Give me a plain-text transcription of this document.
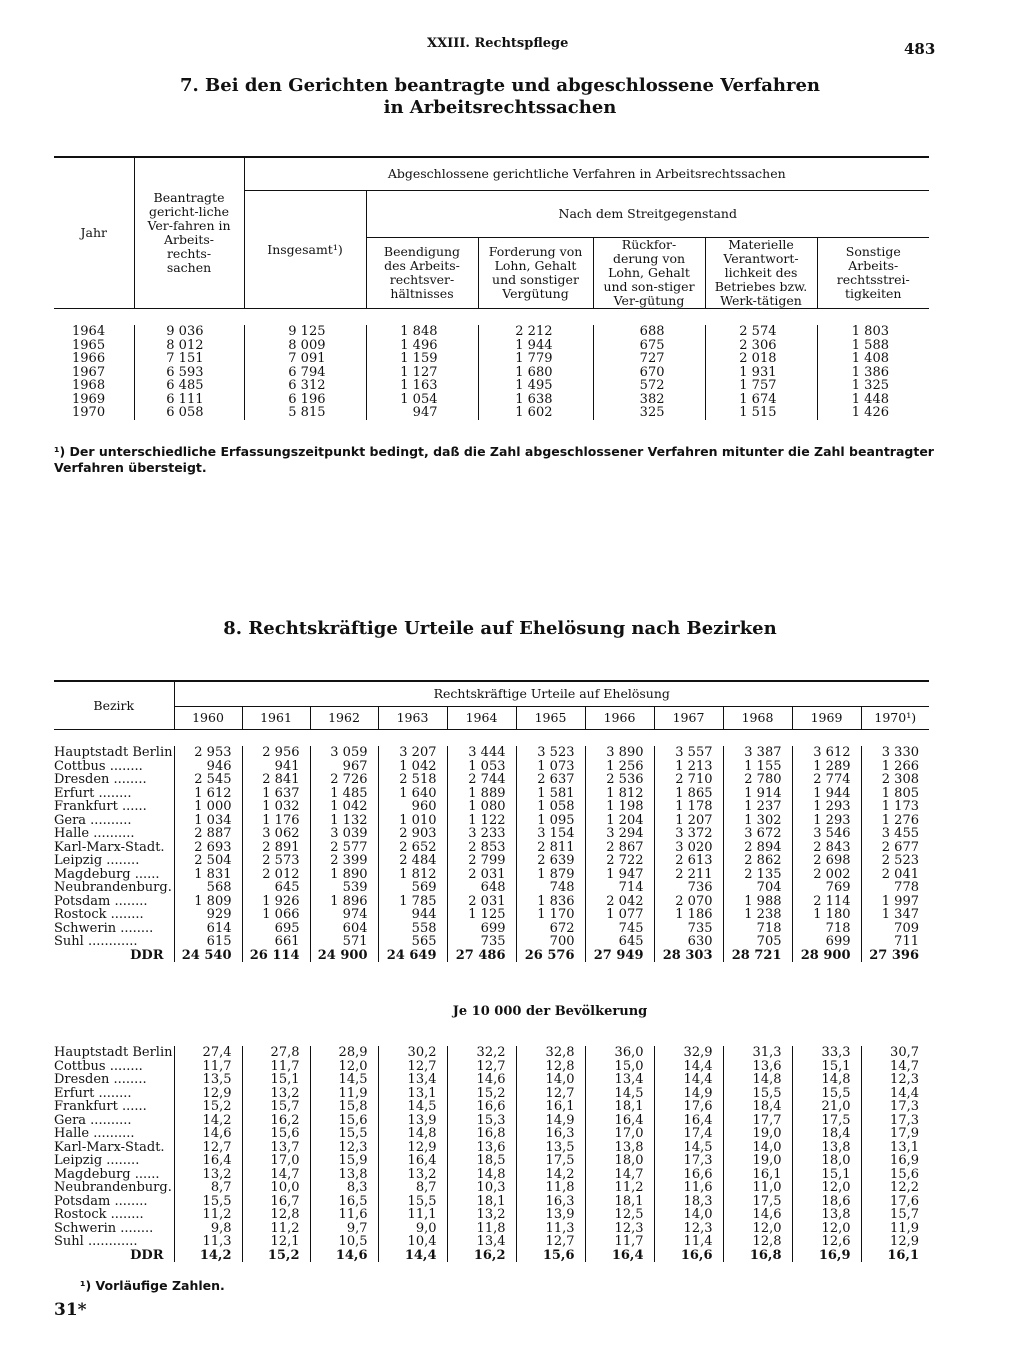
XXIII. Rechtspflege	483
7. Bei den Gerichten beantragte und abgeschlossene Verfahren
in Arbeitsrechtssachen
Jahr	Beantragte gericht-liche Ver-fahren in Arbeits-rechts-sachen	Abgeschlossene gerichtliche Verfahren in Arbeitsrechtssachen					
		Insgesamt¹)	Nach dem Streitgegenstand				
			Beendigung des Arbeits-rechtsver-hältnisses	Forderung von Lohn, Gehalt und sonstiger Vergütung	Rückfor-derung von Lohn, Gehalt und son-stiger Ver-gütung	Materielle Verantwort-lichkeit des Betriebes bzw. Werk-tätigen	Sonstige Arbeits-rechtsstrei-tigkeiten

1964	9 036	9 125	1 848	2 212	688	2 574	1 803
1965	8 012	8 009	1 496	1 944	675	2 306	1 588
1966	7 151	7 091	1 159	1 779	727	2 018	1 408
1967	6 593	6 794	1 127	1 680	670	1 931	1 386
1968	6 485	6 312	1 163	1 495	572	1 757	1 325
1969	6 111	6 196	1 054	1 638	382	1 674	1 448
1970	6 058	5 815	947	1 602	325	1 515	1 426
¹) Der unterschiedliche Erfassungszeitpunkt bedingt, daß die Zahl abgeschlossener Verfahren mitunter die Zahl beantragter Verfahren übersteigt.
8. Rechtskräftige Urteile auf Ehelösung nach Bezirken
Bezirk	Rechtskräftige Urteile auf Ehelösung										
	1960	1961	1962	1963	1964	1965	1966	1967	1968	1969	1970¹)

Hauptstadt Berlin	2 953	2 956	3 059	3 207	3 444	3 523	3 890	3 557	3 387	3 612	3 330
Cottbus ........	946	941	967	1 042	1 053	1 073	1 256	1 213	1 155	1 289	1 266
Dresden ........	2 545	2 841	2 726	2 518	2 744	2 637	2 536	2 710	2 780	2 774	2 308
Erfurt ........	1 612	1 637	1 485	1 640	1 889	1 581	1 812	1 865	1 914	1 944	1 805
Frankfurt ......	1 000	1 032	1 042	960	1 080	1 058	1 198	1 178	1 237	1 293	1 173
Gera ..........	1 034	1 176	1 132	1 010	1 122	1 095	1 204	1 207	1 302	1 293	1 276
Halle ..........	2 887	3 062	3 039	2 903	3 233	3 154	3 294	3 372	3 672	3 546	3 455
Karl-Marx-Stadt.	2 693	2 891	2 577	2 652	2 853	2 811	2 867	3 020	2 894	2 843	2 677
Leipzig ........	2 504	2 573	2 399	2 484	2 799	2 639	2 722	2 613	2 862	2 698	2 523
Magdeburg ......	1 831	2 012	1 890	1 812	2 031	1 879	1 947	2 211	2 135	2 002	2 041
Neubrandenburg.	568	645	539	569	648	748	714	736	704	769	778
Potsdam ........	1 809	1 926	1 896	1 785	2 031	1 836	2 042	2 070	1 988	2 114	1 997
Rostock ........	929	1 066	974	944	1 125	1 170	1 077	1 186	1 238	1 180	1 347
Schwerin ........	614	695	604	558	699	672	745	735	718	718	709
Suhl ............	615	661	571	565	735	700	645	630	705	699	711
DDR	24 540	26 114	24 900	24 649	27 486	26 576	27 949	28 303	28 721	28 900	27 396
Je 10 000 der Bevölkerung
Hauptstadt Berlin	27,4	27,8	28,9	30,2	32,2	32,8	36,0	32,9	31,3	33,3	30,7
Cottbus ........	11,7	11,7	12,0	12,7	12,7	12,8	15,0	14,4	13,6	15,1	14,7
Dresden ........	13,5	15,1	14,5	13,4	14,6	14,0	13,4	14,4	14,8	14,8	12,3
Erfurt ........	12,9	13,2	11,9	13,1	15,2	12,7	14,5	14,9	15,5	15,5	14,4
Frankfurt ......	15,2	15,7	15,8	14,5	16,6	16,1	18,1	17,6	18,4	21,0	17,3
Gera ..........	14,2	16,2	15,6	13,9	15,3	14,9	16,4	16,4	17,7	17,5	17,3
Halle ..........	14,6	15,6	15,5	14,8	16,8	16,3	17,0	17,4	19,0	18,4	17,9
Karl-Marx-Stadt.	12,7	13,7	12,3	12,9	13,6	13,5	13,8	14,5	14,0	13,8	13,1
Leipzig ........	16,4	17,0	15,9	16,4	18,5	17,5	18,0	17,3	19,0	18,0	16,9
Magdeburg ......	13,2	14,7	13,8	13,2	14,8	14,2	14,7	16,6	16,1	15,1	15,6
Neubrandenburg.	8,7	10,0	8,3	8,7	10,3	11,8	11,2	11,6	11,0	12,0	12,2
Potsdam ........	15,5	16,7	16,5	15,5	18,1	16,3	18,1	18,3	17,5	18,6	17,6
Rostock ........	11,2	12,8	11,6	11,1	13,2	13,9	12,5	14,0	14,6	13,8	15,7
Schwerin ........	9,8	11,2	9,7	9,0	11,8	11,3	12,3	12,3	12,0	12,0	11,9
Suhl ............	11,3	12,1	10,5	10,4	13,4	12,7	11,7	11,4	12,8	12,6	12,9
DDR	14,2	15,2	14,6	14,4	16,2	15,6	16,4	16,6	16,8	16,9	16,1
¹) Vorläufige Zahlen.
31*
